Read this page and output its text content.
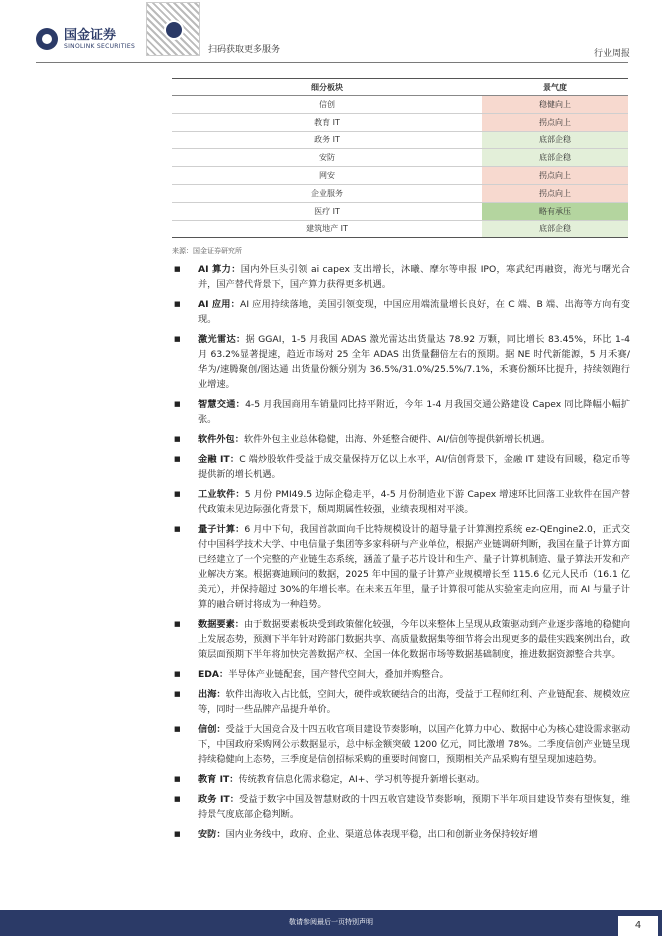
国金证券
SINOLINK SECURITIES	扫码获取更多服务	行业周报
细分板块	景气度
信创	稳健向上
教育 IT	拐点向上
政务 IT	底部企稳
安防	底部企稳
网安	拐点向上
企业服务	拐点向上
医疗 IT	略有承压
建筑地产 IT	底部企稳
来源：国金证券研究所
■ AI 算力：国内外巨头引领 ai capex 支出增长，沐曦、摩尔等申报 IPO，寒武纪再融资，海光与曙光合并，国产替代背景下，国产算力获得更多机遇。
■ AI 应用：AI 应用持续落地，美国引领变现，中国应用端流量增长良好，在 C 端、B 端、出海等方向有变现。
■ 激光雷达：据 GGAI，1-5 月我国 ADAS 激光雷达出货量达 78.92 万颗，同比增长 83.45%，环比 1-4 月 63.2%显著提速，趋近市场对 25 全年 ADAS 出货量翻倍左右的预期。据 NE 时代新能源，5 月禾赛/华为/速腾聚创/图达通 出货量份额分别为 36.5%/31.0%/25.5%/7.1%，禾赛份额环比提升，持续领跑行业增速。
■ 智慧交通：4-5 月我国商用车销量同比持平附近，今年 1-4 月我国交通公路建设 Capex 同比降幅小幅扩张。
■ 软件外包：软件外包主业总体稳健，出海、外延整合硬件、AI/信创等提供新增长机遇。
■ 金融 IT：C 端炒股软件受益于成交量保持万亿以上水平，AI/信创背景下，金融 IT 建设有回暖，稳定币等提供新的增长机遇。
■ 工业软件：5 月份 PMI49.5 边际企稳走平，4-5 月份制造业下游 Capex 增速环比回落工业软件在国产替代政策未见边际强化背景下，颓周期属性较强，业绩表现相对平淡。
■ 量子计算：6 月中下旬，我国首款面向千比特规模设计的超导量子计算测控系统 ez-QEngine2.0，正式交付中国科学技术大学、中电信量子集团等多家科研与产业单位，根据产业链调研判断，我国在量子计算方面已经建立了一个完整的产业链生态系统，涵盖了量子芯片设计和生产、量子计算机制造、量子算法开发和产业解决方案。根据赛迪顾问的数据，2025 年中国的量子计算产业规模增长至 115.6 亿元人民币（16.1 亿美元），并保持超过 30%的年增长率。在未来五年里，量子计算很可能从实验室走向应用，而 AI 与量子计算的融合研讨将成为一种趋势。
■ 数据要素：由于数据要素板块受到政策催化较强，今年以来整体上呈现从政策驱动到产业逐步落地的稳健向上发展态势，预测下半年针对跨部门数据共享、高质量数据集等细节将会出现更多的最佳实践案例出台，政策层面预期下半年将加快完善数据产权、全国一体化数据市场等数据基础制度，推进数据资源整合共享。
■ EDA：半导体产业链配套，国产替代空间大，叠加并购整合。
■ 出海：软件出海收入占比低，空间大，硬件或软硬结合的出海，受益于工程师红利、产业链配套、规模效应等，同时一些品牌产品提升单价。
■ 信创：受益于大国竞合及十四五收官项目建设节奏影响，以国产化算力中心、数据中心为核心建设需求驱动下，中国政府采购网公示数据显示，总中标金额突破 1200 亿元，同比激增 78%。二季度信创产业链呈现持续稳健向上态势，三季度是信创招标采购的重要时间窗口，预期相关产品采购有望呈现加速趋势。
■ 教育 IT：传统教育信息化需求稳定，AI+、学习机等提升新增长驱动。
■ 政务 IT：受益于数字中国及智慧财政的十四五收官建设节奏影响，预期下半年项目建设节奏有望恢复，维持景气度底部企稳判断。
■ 安防：国内业务线中，政府、企业、渠道总体表现平稳，出口和创新业务保持较好增
敬请参阅最后一页特别声明	4
